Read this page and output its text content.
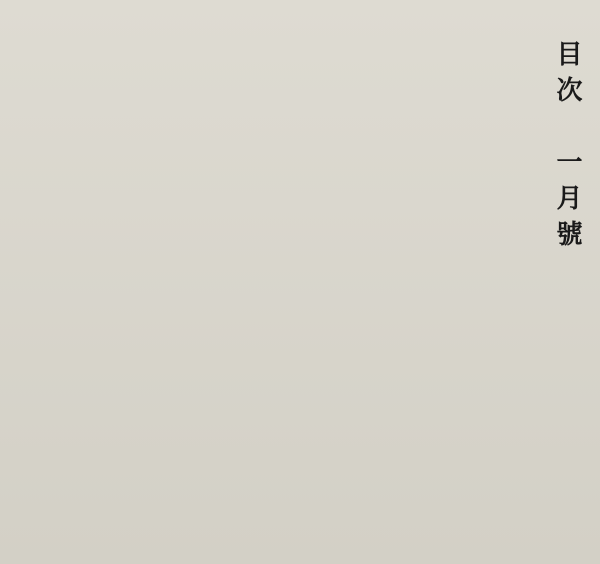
目次　一月號
